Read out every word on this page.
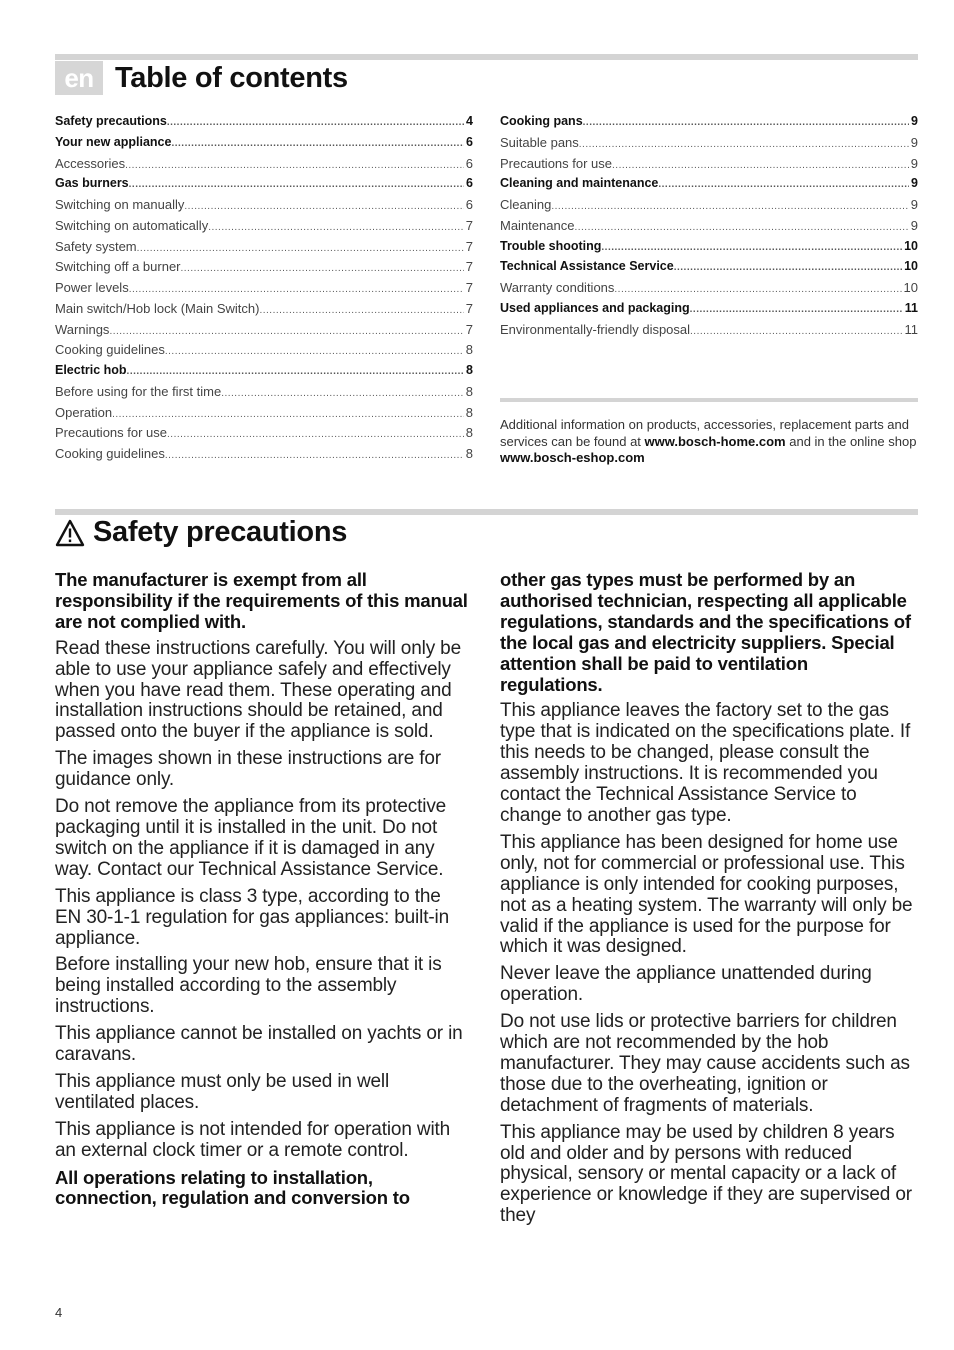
en Table of contents
Safety precautions .....	4
Your new appliance .....	6
Accessories .....	6
Gas burners .....	6
Switching on manually .....	6
Switching on automatically .....	7
Safety system .....	7
Switching off a burner .....	7
Power levels .....	7
Main switch/Hob lock (Main Switch) .....	7
Warnings .....	7
Cooking guidelines .....	8
Electric hob .....	8
Before using for the first time .....	8
Operation .....	8
Precautions for use .....	8
Cooking guidelines .....	8
Cooking pans .....	9
Suitable pans .....	9
Precautions for use .....	9
Cleaning and maintenance .....	9
Cleaning .....	9
Maintenance .....	9
Trouble shooting .....	10
Technical Assistance Service .....	10
Warranty conditions .....	10
Used appliances and packaging .....	11
Environmentally-friendly disposal .....	11
Additional information on products, accessories, replacement parts and services can be found at www.bosch-home.com and in the online shop www.bosch-eshop.com
Safety precautions

The manufacturer is exempt from all responsibility if the requirements of this manual are not complied with.

Read these instructions carefully. You will only be able to use your appliance safely and effectively when you have read them. These operating and installation instructions should be retained, and passed onto the buyer if the appliance is sold.

The images shown in these instructions are for guidance only.

Do not remove the appliance from its protective packaging until it is installed in the unit. Do not switch on the appliance if it is damaged in any way. Contact our Technical Assistance Service.

This appliance is class 3 type, according to the EN 30-1-1 regulation for gas appliances: built-in appliance.

Before installing your new hob, ensure that it is being installed according to the assembly instructions.

This appliance cannot be installed on yachts or in caravans.

This appliance must only be used in well ventilated places.

This appliance is not intended for operation with an external clock timer or a remote control.

All operations relating to installation, connection, regulation and conversion to

other gas types must be performed by an authorised technician, respecting all applicable regulations, standards and the specifications of the local gas and electricity suppliers. Special attention shall be paid to ventilation regulations.

This appliance leaves the factory set to the gas type that is indicated on the specifications plate. If this needs to be changed, please consult the assembly instructions. It is recommended you contact the Technical Assistance Service to change to another gas type.

This appliance has been designed for home use only, not for commercial or professional use. This appliance is only intended for cooking purposes, not as a heating system. The warranty will only be valid if the appliance is used for the purpose for which it was designed.

Never leave the appliance unattended during operation.

Do not use lids or protective barriers for children which are not recommended by the hob manufacturer. They may cause accidents such as those due to the overheating, ignition or detachment of fragments of materials.

This appliance may be used by children 8 years old and older and by persons with reduced physical, sensory or mental capacity or a lack of experience or knowledge if they are supervised or they

4
